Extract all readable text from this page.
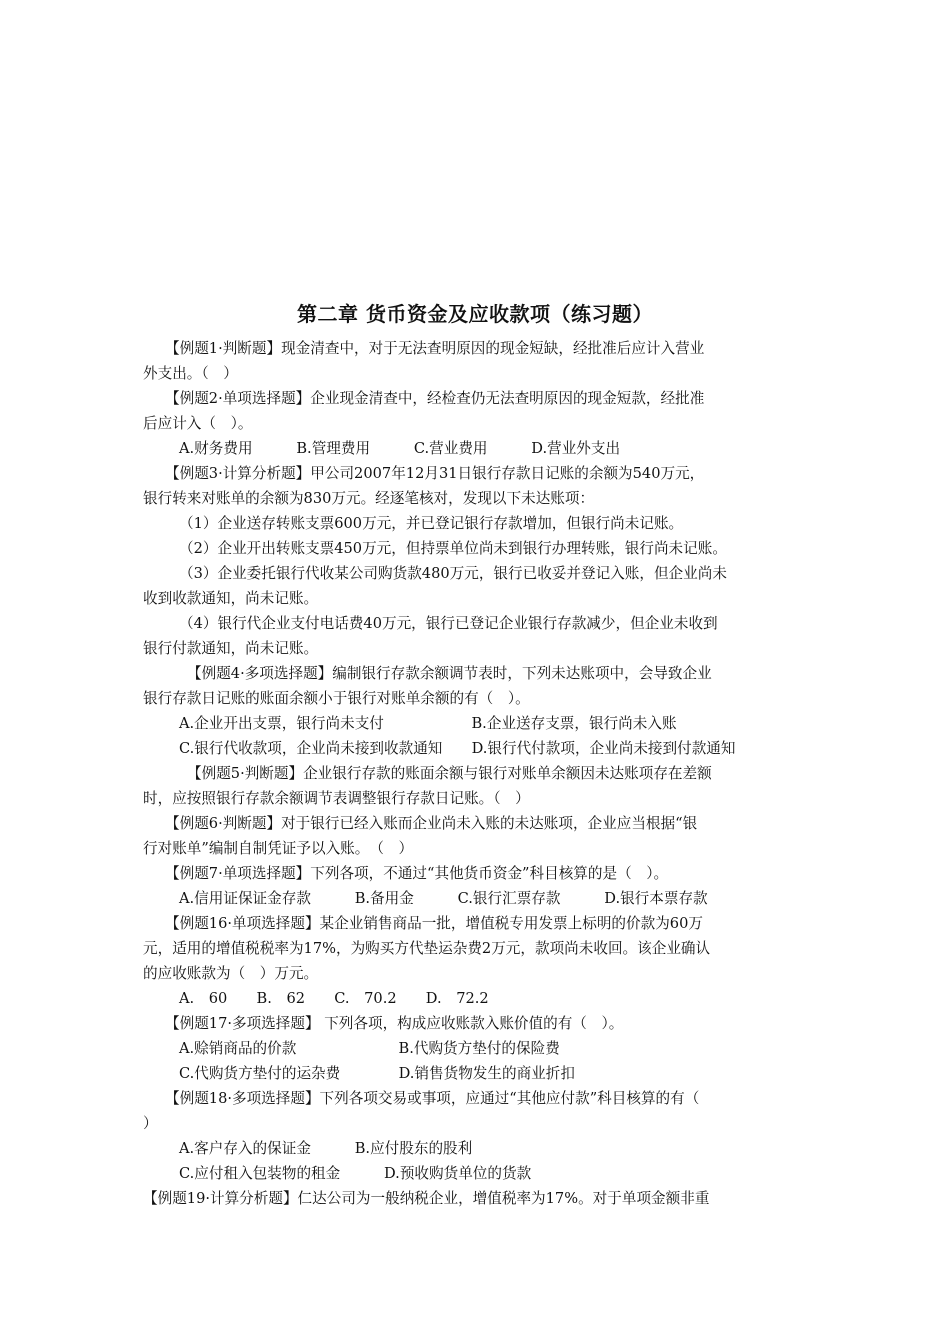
第二章 货币资金及应收款项（练习题）
【例题1·判断题】现金清查中，对于无法查明原因的现金短缺，经批准后应计入营业
外支出。（　）
【例题2·单项选择题】企业现金清查中，经检查仍无法查明原因的现金短款，经批准
后应计入（　）。
A.财务费用　　　B.管理费用　　　C.营业费用　　　D.营业外支出
【例题3·计算分析题】甲公司2007年12月31日银行存款日记账的余额为540万元，
银行转来对账单的余额为830万元。经逐笔核对，发现以下未达账项：
（1）企业送存转账支票600万元，并已登记银行存款增加，但银行尚未记账。
（2）企业开出转账支票450万元，但持票单位尚未到银行办理转账，银行尚未记账。
（3）企业委托银行代收某公司购货款480万元，银行已收妥并登记入账，但企业尚未
收到收款通知，尚未记账。
（4）银行代企业支付电话费40万元，银行已登记企业银行存款减少，但企业未收到
银行付款通知，尚未记账。
【例题4·多项选择题】编制银行存款余额调节表时，下列未达账项中，会导致企业
银行存款日记账的账面余额小于银行对账单余额的有（　）。
A.企业开出支票，银行尚未支付　　　　　　B.企业送存支票，银行尚未入账
C.银行代收款项，企业尚未接到收款通知　　D.银行代付款项，企业尚未接到付款通知
【例题5·判断题】企业银行存款的账面余额与银行对账单余额因未达账项存在差额
时，应按照银行存款余额调节表调整银行存款日记账。（　）
【例题6·判断题】对于银行已经入账而企业尚未入账的未达账项，企业应当根据“银
行对账单”编制自制凭证予以入账。　（　）
【例题7·单项选择题】下列各项，不通过“其他货币资金”科目核算的是（　）。
A.信用证保证金存款　　　B.备用金　　　C.银行汇票存款　　　D.银行本票存款
【例题16·单项选择题】某企业销售商品一批，增值税专用发票上标明的价款为60万
元，适用的增值税税率为17%，为购买方代垫运杂费2万元，款项尚未收回。该企业确认
的应收账款为（　）万元。
A.　60　　B.　62　　C.　70.2　　D.　72.2
【例题17·多项选择题】 下列各项，构成应收账款入账价值的有（　）。
A.赊销商品的价款　　　　　　　B.代购货方垫付的保险费
C.代购货方垫付的运杂费　　　　D.销售货物发生的商业折扣
【例题18·多项选择题】下列各项交易或事项，应通过“其他应付款”科目核算的有（
）
A.客户存入的保证金　　　B.应付股东的股利
C.应付租入包装物的租金　　　D.预收购货单位的货款
【例题19·计算分析题】仁达公司为一般纳税企业，增值税率为17%。对于单项金额非重
